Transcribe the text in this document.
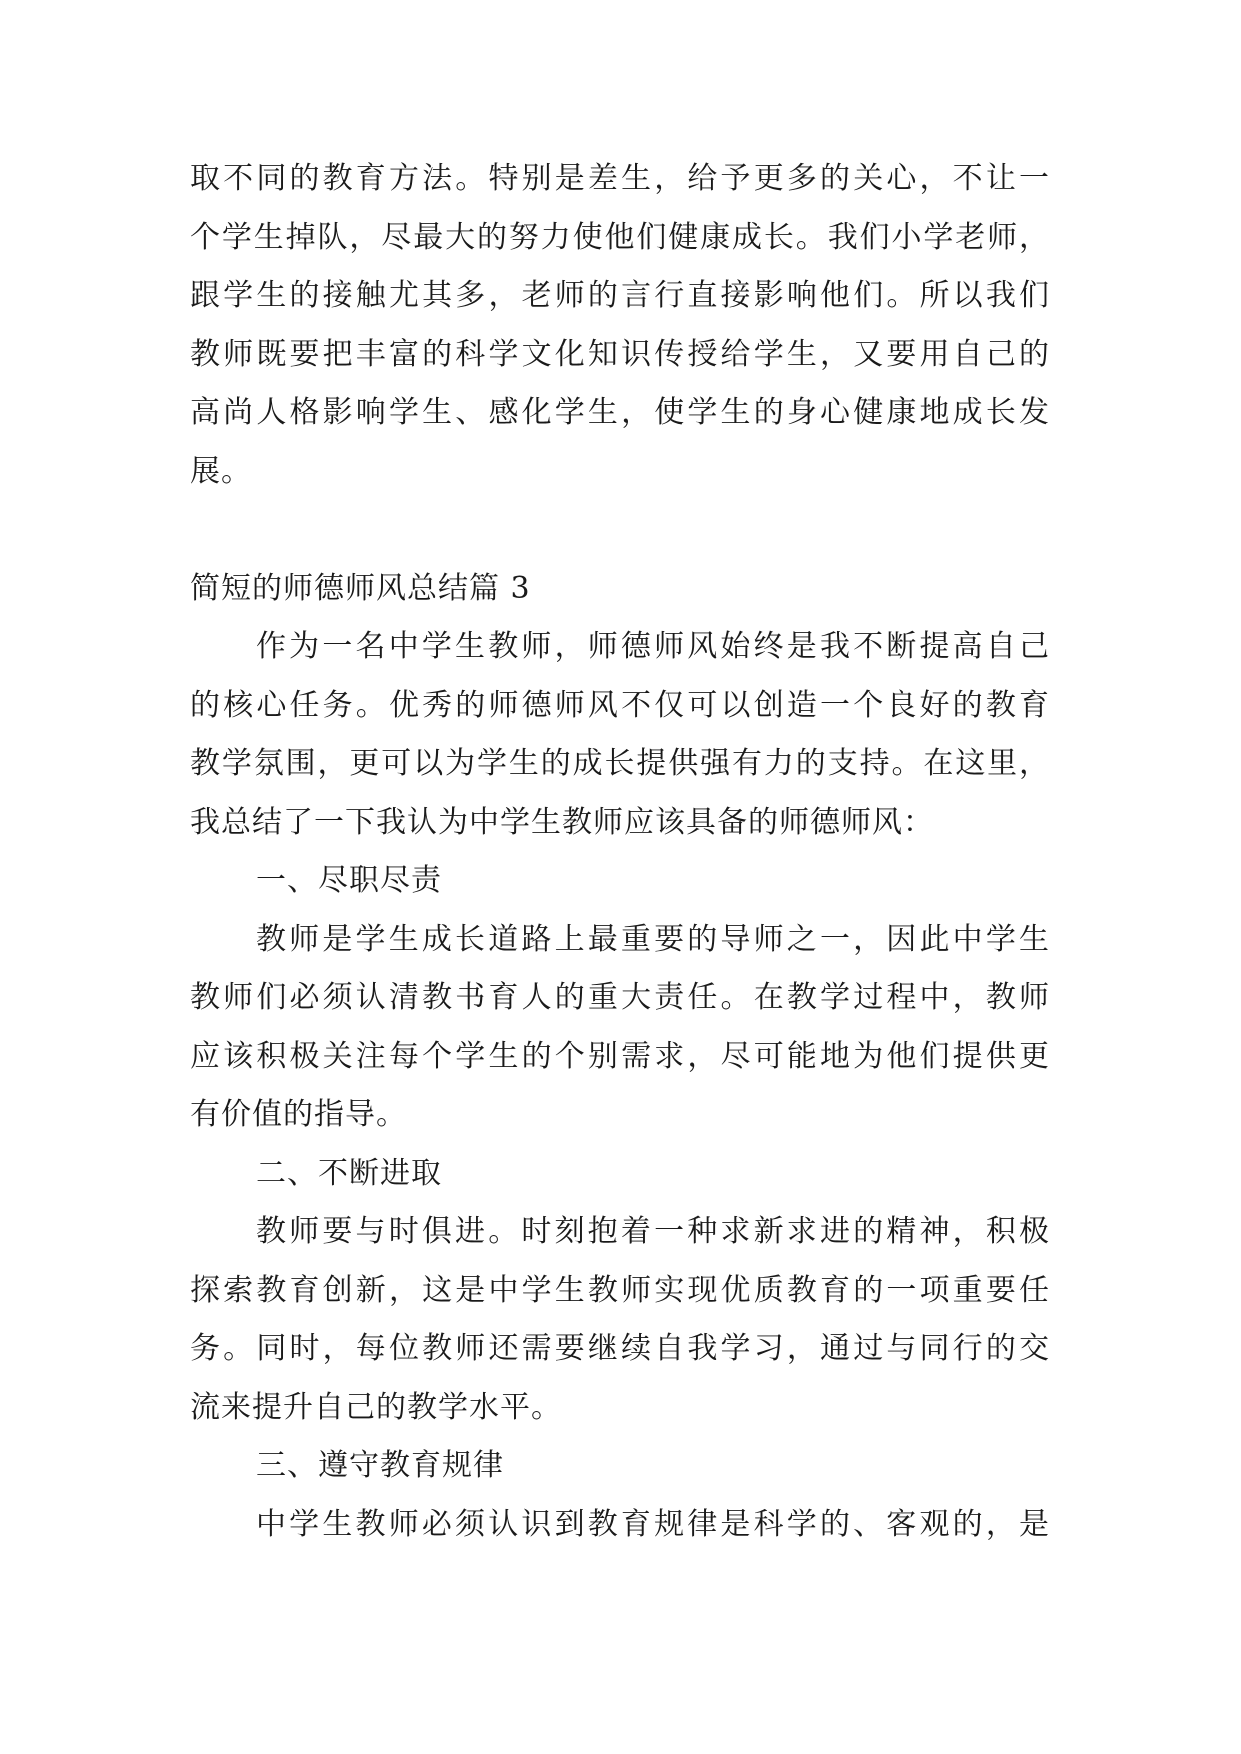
取不同的教育方法。特别是差生，给予更多的关心，不让一
个学生掉队，尽最大的努力使他们健康成长。我们小学老师，
跟学生的接触尤其多，老师的言行直接影响他们。所以我们
教师既要把丰富的科学文化知识传授给学生，又要用自己的
高尚人格影响学生、感化学生，使学生的身心健康地成长发
展。
简短的师德师风总结篇 3
作为一名中学生教师，师德师风始终是我不断提高自己
的核心任务。优秀的师德师风不仅可以创造一个良好的教育
教学氛围，更可以为学生的成长提供强有力的支持。在这里，
我总结了一下我认为中学生教师应该具备的师德师风：
一、尽职尽责
教师是学生成长道路上最重要的导师之一，因此中学生
教师们必须认清教书育人的重大责任。在教学过程中，教师
应该积极关注每个学生的个别需求，尽可能地为他们提供更
有价值的指导。
二、不断进取
教师要与时俱进。时刻抱着一种求新求进的精神，积极
探索教育创新，这是中学生教师实现优质教育的一项重要任
务。同时，每位教师还需要继续自我学习，通过与同行的交
流来提升自己的教学水平。
三、遵守教育规律
中学生教师必须认识到教育规律是科学的、客观的，是
